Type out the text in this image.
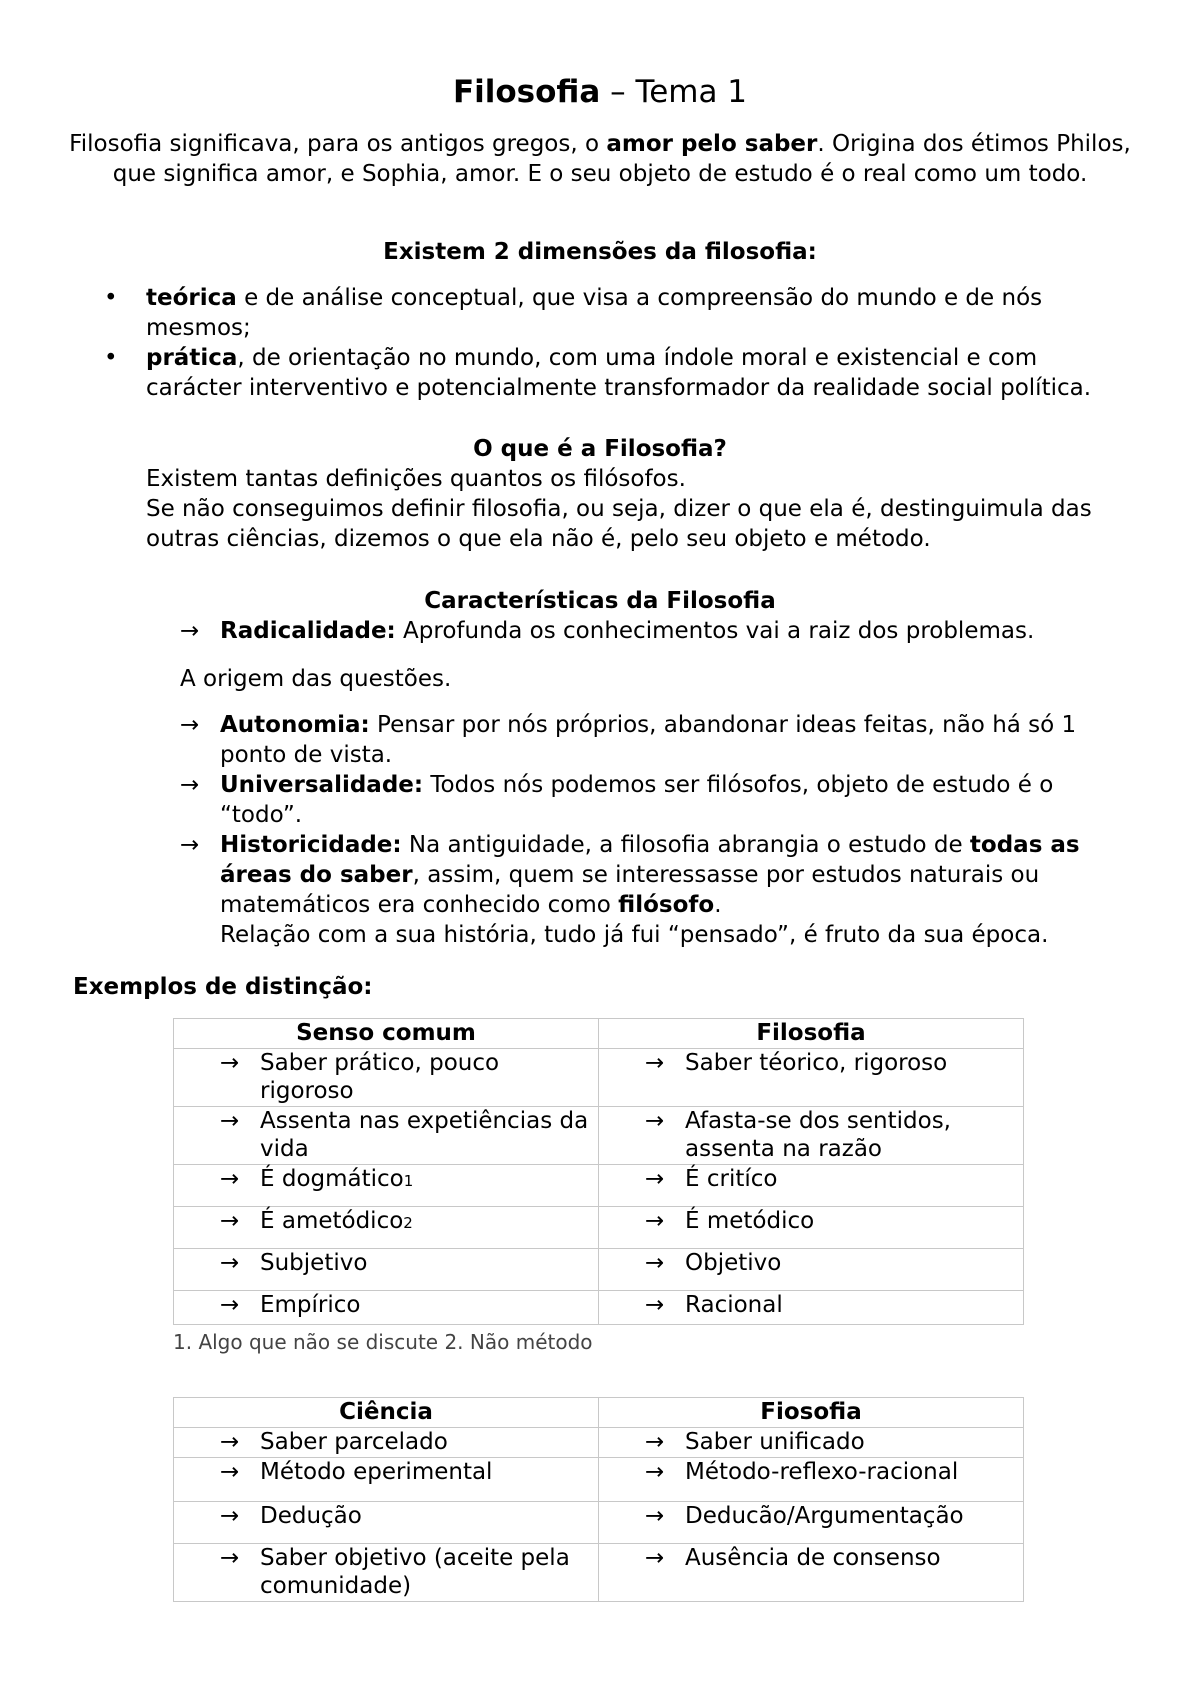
Filosofia – Tema 1
Filosofia significava, para os antigos gregos, o amor pelo saber. Origina dos étimos Philos, que significa amor, e Sophia, amor. E o seu objeto de estudo é o real como um todo.
Existem 2 dimensões da filosofia:
• teórica e de análise conceptual, que visa a compreensão do mundo e de nós mesmos;
• prática, de orientação no mundo, com uma índole moral e existencial e com carácter interventivo e potencialmente transformador da realidade social política.
O que é a Filosofia?
Existem tantas definições quantos os filósofos.
Se não conseguimos definir filosofia, ou seja, dizer o que ela é, destinguimula das outras ciências, dizemos o que ela não é, pelo seu objeto e método.
Características da Filosofia
→ Radicalidade: Aprofunda os conhecimentos vai a raiz dos problemas.
A origem das questões.
→ Autonomia: Pensar por nós próprios, abandonar ideas feitas, não há só 1 ponto de vista.
→ Universalidade: Todos nós podemos ser filósofos, objeto de estudo é o “todo”.
→ Historicidade: Na antiguidade, a filosofia abrangia o estudo de todas as áreas do saber, assim, quem se interessasse por estudos naturais ou matemáticos era conhecido como filósofo.
Relação com a sua história, tudo já fui “pensado”, é fruto da sua época.
Exemplos de distinção:
Senso comum	Filosofia

→ Saber prático, pouco rigoroso	→ Saber téorico, rigoroso

→ Assenta nas expetiências da vida	→ Afasta-se dos sentidos, assenta na razão

→ É dogmático1	→ É critíco

→ É ametódico2	→ É metódico

→ Subjetivo	→ Objetivo

→ Empírico	→ Racional
1. Algo que não se discute 2. Não método
Ciência	Fiosofia

→ Saber parcelado	→ Saber unificado

→ Método eperimental	→ Método-reflexo-racional

→ Dedução	→ Deducão/Argumentação

→ Saber objetivo (aceite pela comunidade)	→ Ausência de consenso
